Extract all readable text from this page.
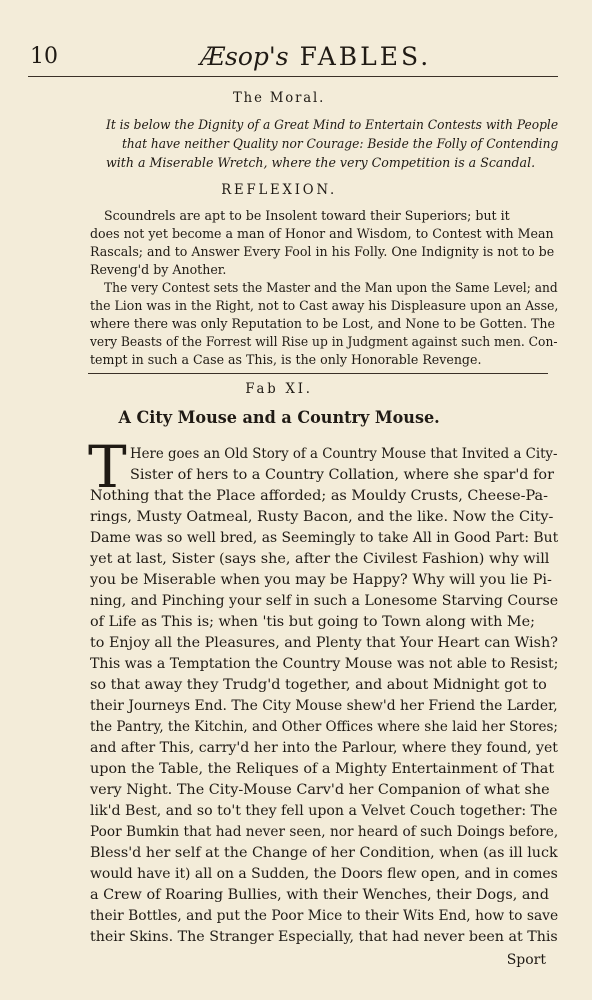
10	Æsop's FABLES.
The Moral.
It is below the Dignity of a Great Mind to Entertain Contests with People
that have neither Quality nor Courage: Beside the Folly of Contending
with a Miserable Wretch, where the very Competition is a Scandal.
REFLEXION.
Scoundrels are apt to be Insolent toward their Superiors; but it
does not yet become a man of Honor and Wisdom, to Contest with Mean
Rascals; and to Answer Every Fool in his Folly. One Indignity is not to be
Reveng'd by Another.
The very Contest sets the Master and the Man upon the Same Level; and
the Lion was in the Right, not to Cast away his Displeasure upon an Asse,
where there was only Reputation to be Lost, and None to be Gotten. The
very Beasts of the Forrest will Rise up in Judgment against such men. Con-
tempt in such a Case as This, is the only Honorable Revenge.
Fab XI.
A City Mouse and a Country Mouse.
T Here goes an Old Story of a Country Mouse that Invited a City-
Sister of hers to a Country Collation, where she spar'd for
Nothing that the Place afforded; as Mouldy Crusts, Cheese-Pa-
rings, Musty Oatmeal, Rusty Bacon, and the like. Now the City-
Dame was so well bred, as Seemingly to take All in Good Part: But
yet at last, Sister (says she, after the Civilest Fashion) why will
you be Miserable when you may be Happy? Why will you lie Pi-
ning, and Pinching your self in such a Lonesome Starving Course
of Life as This is; when 'tis but going to Town along with Me;
to Enjoy all the Pleasures, and Plenty that Your Heart can Wish?
This was a Temptation the Country Mouse was not able to Resist;
so that away they Trudg'd together, and about Midnight got to
their Journeys End. The City Mouse shew'd her Friend the Larder,
the Pantry, the Kitchin, and Other Offices where she laid her Stores;
and after This, carry'd her into the Parlour, where they found, yet
upon the Table, the Reliques of a Mighty Entertainment of That
very Night. The City-Mouse Carv'd her Companion of what she
lik'd Best, and so to't they fell upon a Velvet Couch together: The
Poor Bumkin that had never seen, nor heard of such Doings before,
Bless'd her self at the Change of her Condition, when (as ill luck
would have it) all on a Sudden, the Doors flew open, and in comes
a Crew of Roaring Bullies, with their Wenches, their Dogs, and
their Bottles, and put the Poor Mice to their Wits End, how to save
their Skins. The Stranger Especially, that had never been at This
Sport
